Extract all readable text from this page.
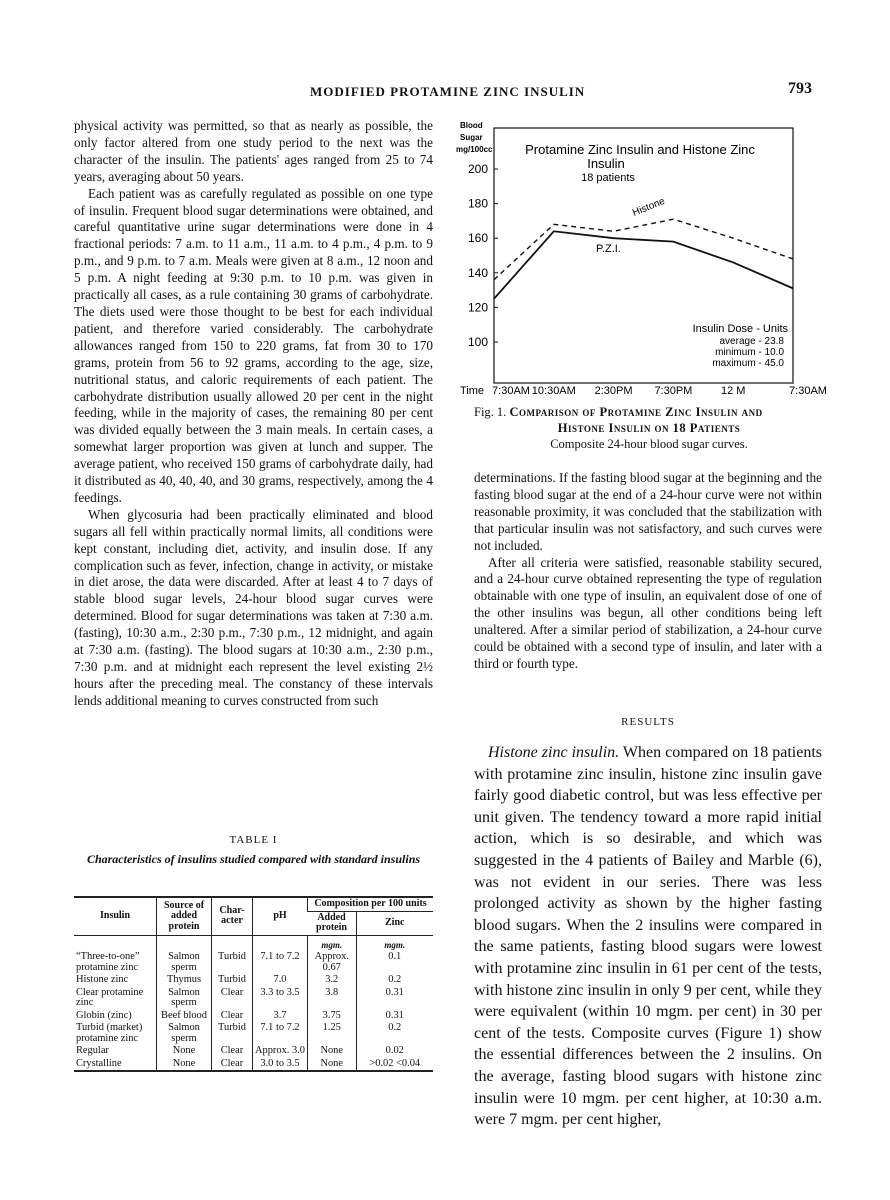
MODIFIED PROTAMINE ZINC INSULIN	793

physical activity was permitted, so that as nearly as possible, the only factor altered from one study period to the next was the character of the insulin. The patients' ages ranged from 25 to 74 years, averaging about 50 years.

Each patient was as carefully regulated as possible on one type of insulin. Frequent blood sugar determinations were obtained, and careful quantitative urine sugar determinations were done in 4 fractional periods: 7 a.m. to 11 a.m., 11 a.m. to 4 p.m., 4 p.m. to 9 p.m., and 9 p.m. to 7 a.m. Meals were given at 8 a.m., 12 noon and 5 p.m. A night feeding at 9:30 p.m. to 10 p.m. was given in practically all cases, as a rule containing 30 grams of carbohydrate. The diets used were those thought to be best for each individual patient, and therefore varied considerably. The carbohydrate allowances ranged from 150 to 220 grams, fat from 30 to 170 grams, protein from 56 to 92 grams, according to the age, size, nutritional status, and caloric requirements of each patient. The carbohydrate distribution usually allowed 20 per cent in the night feeding, while in the majority of cases, the remaining 80 per cent was divided equally between the 3 main meals. In certain cases, a somewhat larger proportion was given at lunch and supper. The average patient, who received 150 grams of carbohydrate daily, had it distributed as 40, 40, 40, and 30 grams, respectively, among the 4 feedings.

When glycosuria had been practically eliminated and blood sugars all fell within practically normal limits, all conditions were kept constant, including diet, activity, and insulin dose. If any complication such as fever, infection, change in activity, or mistake in diet arose, the data were discarded. After at least 4 to 7 days of stable blood sugar levels, 24-hour blood sugar curves were determined. Blood for sugar determinations was taken at 7:30 a.m. (fasting), 10:30 a.m., 2:30 p.m., 7:30 p.m., 12 midnight, and again at 7:30 a.m. (fasting). The blood sugars at 10:30 a.m., 2:30 p.m., 7:30 p.m. and at midnight each represent the level existing 2½ hours after the preceding meal. The constancy of these intervals lends additional meaning to curves constructed from such

TABLE I
Characteristics of insulins studied compared with standard insulins
Insulin	Source of added protein	Char-acter	pH	Composition per 100 units	
				Added protein	Zinc
				mgm.	mgm.
“Three-to-one” protamine zinc	Salmon sperm	Turbid	7.1 to 7.2	Approx. 0.67	0.1
Histone zinc	Thymus	Turbid	7.0	3.2	0.2
Clear protamine zinc	Salmon sperm	Clear	3.3 to 3.5	3.8	0.31
Globin (zinc)	Beef blood	Clear	3.7	3.75	0.31
Turbid (market) protamine zinc	Salmon sperm	Turbid	7.1 to 7.2	1.25	0.2
Regular	None	Clear	Approx. 3.0	None	0.02
Crystalline	None	Clear	3.0 to 3.5	None	>0.02 <0.04
Blood
Sugar
mg/100cc	Protamine Zinc Insulin and Histone Zinc
Insulin
18 patients
200
180
160
140
120
100
7:30AM 10:30AM 2:30PM 7:30PM	12 M	7:30AM
Time
Histone
P.Z.I.
Insulin Dose - Units
average - 23.8
minimum - 10.0
maximum - 45.0
Fig. 1. Comparison of Protamine Zinc Insulin and
Histone Insulin on 18 Patients
Composite 24-hour blood sugar curves.

determinations. If the fasting blood sugar at the beginning and the fasting blood sugar at the end of a 24-hour curve were not within reasonable proximity, it was concluded that the stabilization with that particular insulin was not satisfactory, and such curves were not included.

After all criteria were satisfied, reasonable stability secured, and a 24-hour curve obtained representing the type of regulation obtainable with one type of insulin, an equivalent dose of one of the other insulins was begun, all other conditions being left unaltered. After a similar period of stabilization, a 24-hour curve could be obtained with a second type of insulin, and later with a third or fourth type.

RESULTS

Histone zinc insulin. When compared on 18 patients with protamine zinc insulin, histone zinc insulin gave fairly good diabetic control, but was less effective per unit given. The tendency toward a more rapid initial action, which is so desirable, and which was suggested in the 4 patients of Bailey and Marble (6), was not evident in our series. There was less prolonged activity as shown by the higher fasting blood sugars. When the 2 insulins were compared in the same patients, fasting blood sugars were lowest with protamine zinc insulin in 61 per cent of the tests, with histone zinc insulin in only 9 per cent, while they were equivalent (within 10 mgm. per cent) in 30 per cent of the tests. Composite curves (Figure 1) show the essential differences between the 2 insulins. On the average, fasting blood sugars with histone zinc insulin were 10 mgm. per cent higher, at 10:30 a.m. were 7 mgm. per cent higher,
